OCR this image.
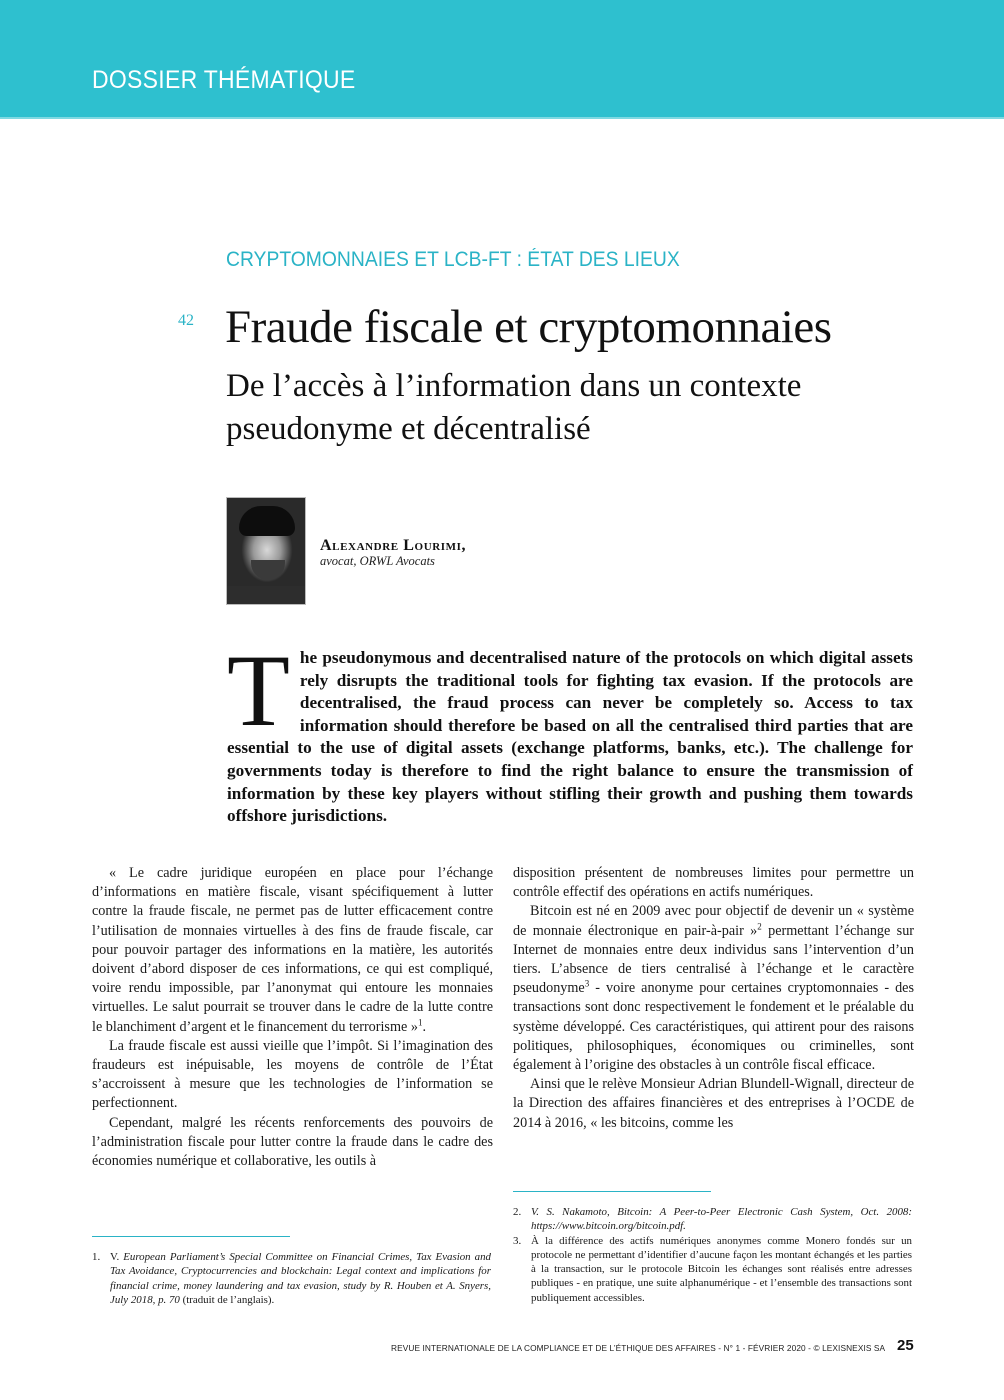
DOSSIER THÉMATIQUE
CRYPTOMONNAIES ET LCB-FT : ÉTAT DES LIEUX
42 Fraude fiscale et cryptomonnaies
De l’accès à l’information dans un contexte pseudonyme et décentralisé
Alexandre Lourimi,
avocat, ORWL Avocats
The pseudonymous and decentralised nature of the protocols on which digital assets rely disrupts the traditional tools for fighting tax evasion. If the protocols are decentralised, the fraud process can never be completely so. Access to tax information should therefore be based on all the centralised third parties that are essential to the use of digital assets (exchange platforms, banks, etc.). The challenge for governments today is therefore to find the right balance to ensure the transmission of information by these key players without stifling their growth and pushing them towards offshore jurisdictions.

« Le cadre juridique européen en place pour l’échange d’informations en matière fiscale, visant spécifiquement à lutter contre la fraude fiscale, ne permet pas de lutter efficacement contre l’utilisation de monnaies virtuelles à des fins de fraude fiscale, car pour pouvoir partager des informations en la matière, les autorités doivent d’abord disposer de ces informations, ce qui est compliqué, voire rendu impossible, par l’anonymat qui entoure les monnaies virtuelles. Le salut pourrait se trouver dans le cadre de la lutte contre le blanchiment d’argent et le financement du terrorisme »$^1$.

La fraude fiscale est aussi vieille que l’impôt. Si l’imagination des fraudeurs est inépuisable, les moyens de contrôle de l’État s’accroissent à mesure que les technologies de l’information se perfectionnent.

Cependant, malgré les récents renforcements des pouvoirs de l’administration fiscale pour lutter contre la fraude dans le cadre des économies numérique et collaborative, les outils à

disposition présentent de nombreuses limites pour permettre un contrôle effectif des opérations en actifs numériques.

Bitcoin est né en 2009 avec pour objectif de devenir un « système de monnaie électronique en pair-à-pair »$^2$ permettant l’échange sur Internet de monnaies entre deux individus sans l’intervention d’un tiers. L’absence de tiers centralisé à l’échange et le caractère pseudonyme$^3$ - voire anonyme pour certaines cryptomonnaies - des transactions sont donc respectivement le fondement et le préalable du système développé. Ces caractéristiques, qui attirent pour des raisons politiques, philosophiques, économiques ou criminelles, sont également à l’origine des obstacles à un contrôle fiscal efficace.

Ainsi que le relève Monsieur Adrian Blundell-Wignall, directeur de la Direction des affaires financières et des entreprises à l’OCDE de 2014 à 2016, « les bitcoins, comme les

1. V. European Parliament’s Special Committee on Financial Crimes, Tax Evasion and Tax Avoidance, Cryptocurrencies and blockchain: Legal context and implications for financial crime, money laundering and tax evasion, study by R. Houben et A. Snyers, July 2018, p. 70 (traduit de l’anglais).
2. V. S. Nakamoto, Bitcoin: A Peer-to-Peer Electronic Cash System, Oct. 2008: https://www.bitcoin.org/bitcoin.pdf.
3. À la différence des actifs numériques anonymes comme Monero fondés sur un protocole ne permettant d’identifier d’aucune façon les montant échangés et les parties à la transaction, sur le protocole Bitcoin les échanges sont réalisés entre adresses publiques - en pratique, une suite alphanumérique - et l’ensemble des transactions sont publiquement accessibles.
REVUE INTERNATIONALE DE LA COMPLIANCE ET DE L’ÉTHIQUE DES AFFAIRES - N° 1 - FÉVRIER 2020 - © LEXISNEXIS SA 25
